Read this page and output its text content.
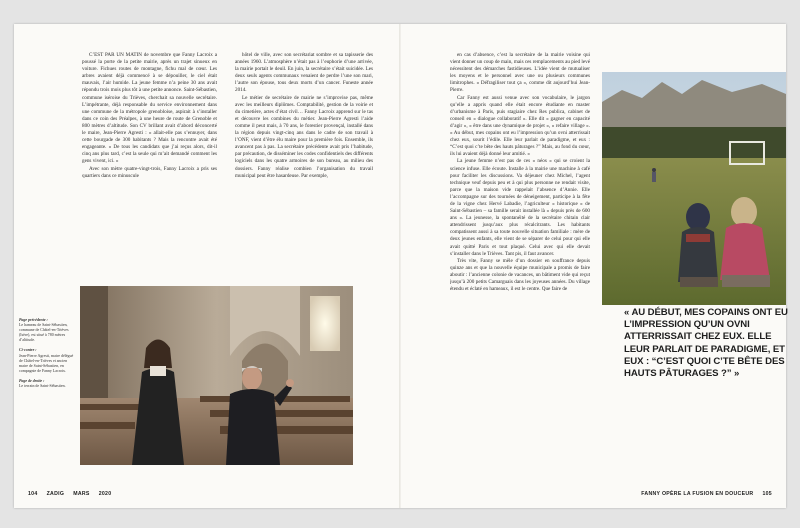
C’EST PAR UN MATIN de novembre que Fanny Lacroix a poussé la porte de la petite mairie, après un trajet sinueux en voiture. Fichues routes de montagne, fichu mal de cœur. Les arbres avaient déjà commencé à se dépouiller, le ciel était mauvais, l’air humide. La jeune femme n’a peine 30 ans avait répondu trois mois plus tôt à une petite annonce. Saint-Sébastien, commune iséroise du Trièves, cherchait sa nouvelle secrétaire. L’impétrante, déjà responsable du service environnement dans une commune de la métropole grenobloise, aspirait à s’installer dans ce coin des Préalpes, à une heure de route de Grenoble et 800 mètres d’altitude. Son CV brillant avait d’abord déconcerté le maire, Jean-Pierre Agresti : « allait-elle pas s’ennuyer, dans cette bourgade de 300 habitants ? Mais la rencontre avait été engageante. « De tous les candidats que j’ai reçus alors, dit-il cinq ans plus tard, c’est la seule qui m’ait demandé comment les gens vivent, ici. »

Avec son mètre quatre-vingt-trois, Fanny Lacroix a pris ses quartiers dans ce minuscule

hôtel de ville, avec son secrétariat sombre et sa tapisserie des années 1960. L’atmosphère n’était pas à l’euphorie d’une arrivée, la mairie portait le deuil. En juin, la secrétaire s’était suicidée. Les deux seuls agents communaux venaient de perdre l’une son mari, l’autre son épouse, tous deux morts d’un cancer. Funeste année 2014.

Le métier de secrétaire de mairie ne s’improvise pas, même avec les meilleurs diplômes. Comptabilité, gestion de la voirie et du cimetière, actes d’état civil… Fanny Lacroix apprend sur le tas et découvre les combines du métier. Jean-Pierre Agresti l’aide comme il peut mais, à 70 ans, le forestier provençal, installé dans la région depuis vingt-cinq ans dans le cadre de son travail à l’ONF, vient d’être élu maire pour la première fois. Ensemble, ils avancent pas à pas. La secrétaire précédente avait pris l’habitude, par précaution, de disséminer les codes confidentiels des différents logiciels dans les quatre armoires de son bureau, au milieu des dossiers. Fanny réalise combien l’organisation du travail municipal peut être hasardeuse. Par exemple,

Page précédente :
Le hameau de Saint-Sébastien, commune de Châtel-en-Trièves (Isère), est situé à 780 mètres d’altitude.
Ci-contre :
Jean-Pierre Agresti, maire délégué de Châtel-en-Trièves et ancien maire de Saint-Sébastien, en compagnie de Fanny Lacroix.
Page de droite :
Le terrain de Saint-Sébastien.

en cas d’absence, c’est la secrétaire de la mairie voisine qui vient donner un coup de main, mais ces remplacements au pied levé nécessitent des démarches fastidieuses. L’idée vient de mutualiser les moyens et le personnel avec une ou plusieurs communes limitrophes. « Défragiliser tout ça », comme dit aujourd’hui Jean-Pierre.

Car Fanny est aussi venue avec son vocabulaire, le jargon qu’elle a appris quand elle était encore étudiante en master d’urbanisme à Paris, puis stagiaire chez Res publica, cabinet de conseil en « dialogue collaboratif ». Elle dit « gagner en capacité d’agir », « être dans une dynamique de projet », « refaire village ». « Au début, mes copains ont eu l’impression qu’un ovni atterrissait chez eux, sourit l’édile. Elle leur parlait de paradigme, et eux : “C’est quoi c’te bête des hauts pâturages ?” Mais, au fond du cœur, ils lui avaient déjà donné leur amitié. »

La jeune femme n’est pas de ces « néos » qui se croient la science infuse. Elle écoute. Installe à la mairie une machine à café pour faciliter les discussions. Va déjeuner chez Michel, l’agent technique veuf depuis peu et à qui plus personne ne rendait visite, parce que la maison vide rappelait l’absence d’Annie. Elle l’accompagne sur des tournées de déneigement, participe à la fête de la vigne chez Hervé Labadie, l’agriculteur « historique » de Saint-Sébastien – sa famille serait installée là « depuis près de 600 ans ». La jeunesse, la spontanéité de la secrétaire chitain clair attendrissent jusqu’aux plus récalcitrants. Les habitants compatissent aussi à sa toute nouvelle situation familiale : mère de deux jeunes enfants, elle vient de se séparer de celui pour qui elle avait quitté Paris et tout plaqué. Celui avec qui elle devait s’installer dans le Trièves. Tant pis, il faut avancer.

Très vite, Fanny se mêle d’un dossier en souffrance depuis quinze ans et que la nouvelle équipe municipale a promis de faire aboutir : l’ancienne colonie de vacances, un bâtiment vide qui reçut jusqu’à 200 petits Camarguais dans les joyeuses années. Du village étendu et éclaté en hameaux, il est le centre. Que faire de

« AU DÉBUT, MES COPAINS ONT EU L’IMPRESSION QU’UN OVNI ATTERRISSAIT CHEZ EUX. ELLE LEUR PARLAIT DE PARADIGME, ET EUX : “C’EST QUOI C’TE BÊTE DES HAUTS PÂTURAGES ?” »
104 ZADIG MARS 2020	FANNY OPÈRE LA FUSION EN DOUCEUR 105
